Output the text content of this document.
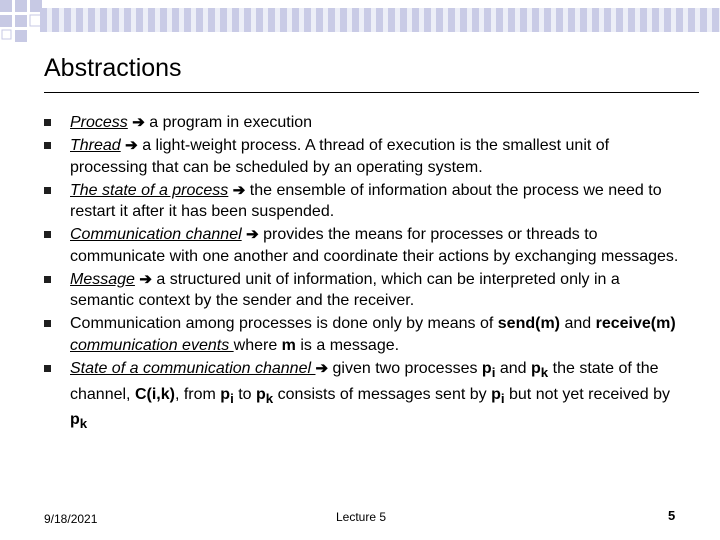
Abstractions
Process ➔ a program in execution
Thread ➔ a light-weight process. A thread of execution is the smallest unit of processing that can be scheduled by an operating system.
The state of a process ➔ the ensemble of information about the process we need to restart it after it has been suspended.
Communication channel ➔ provides the means for processes or threads to communicate with one another and coordinate their actions by exchanging messages.
Message ➔ a structured unit of information, which can be interpreted only in a semantic context by the sender and the receiver.
Communication among processes is done only by means of send(m) and receive(m) communication events where m is a message.
State of a communication channel ➔ given two processes $p_i$ and $p_k$ the state of the channel, C(i,k), from $p_i$ to $p_k$ consists of messages sent by $p_i$ but not yet received by $p_k$
9/18/2021	Lecture 5	5
